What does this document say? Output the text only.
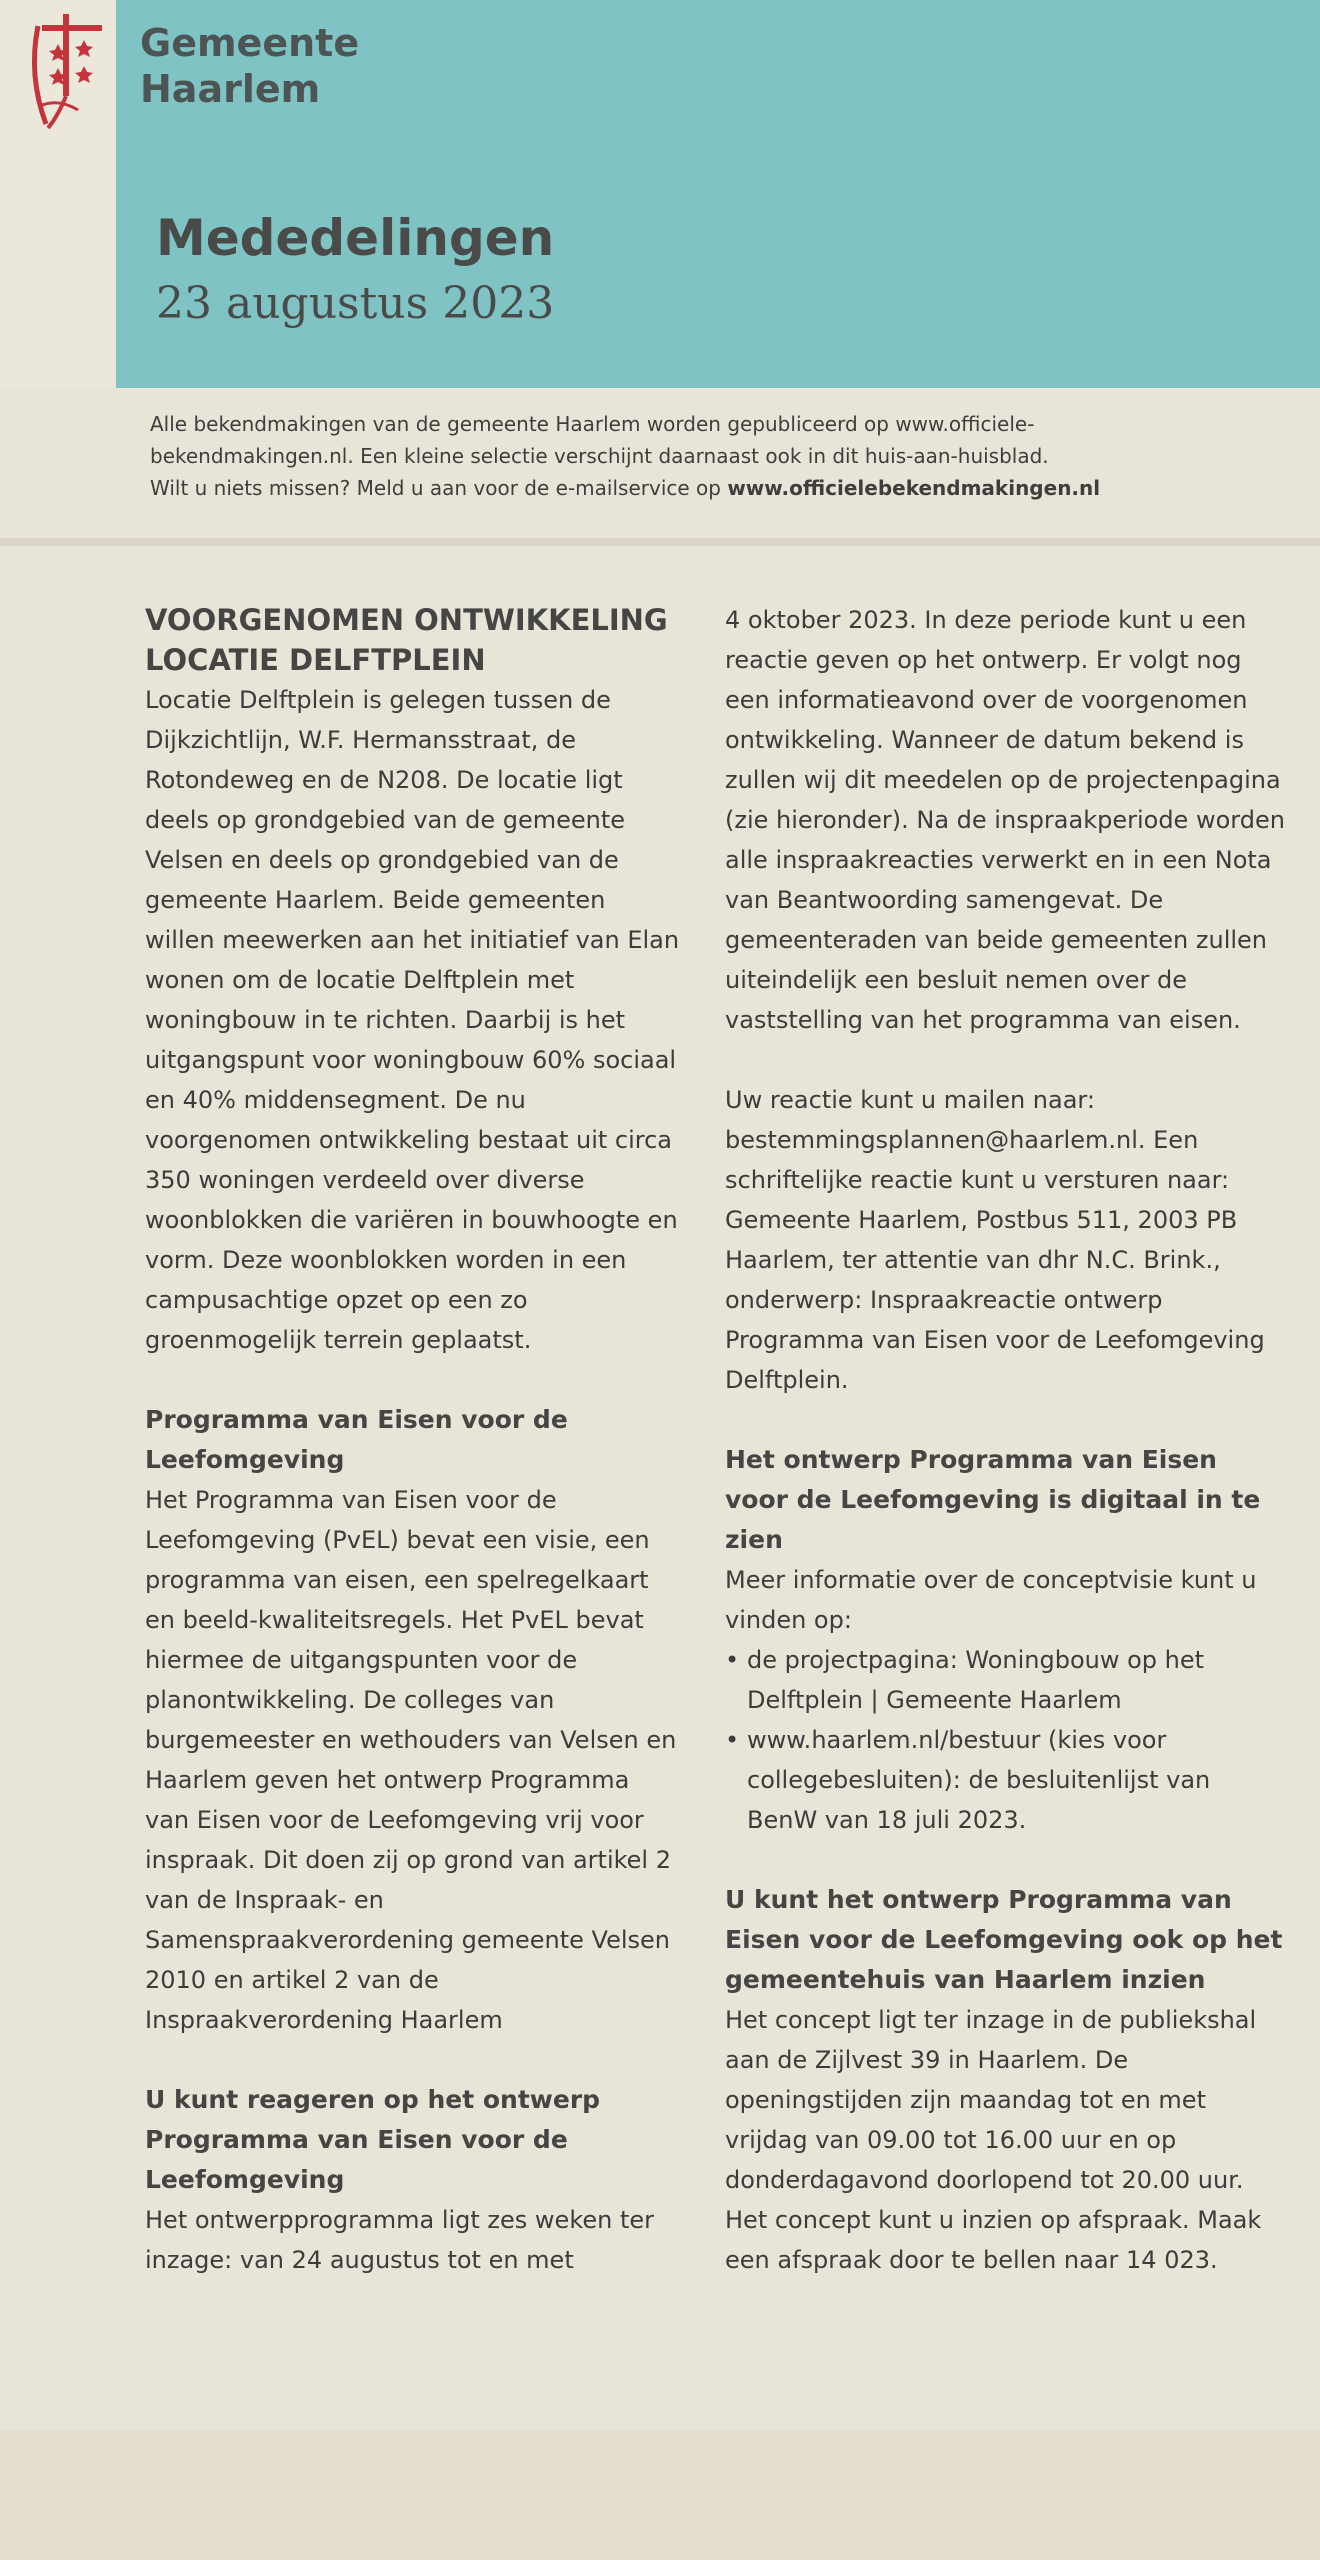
Gemeente
Haarlem
Mededelingen
23 augustus 2023
Alle bekendmakingen van de gemeente Haarlem worden gepubliceerd op www.officiele-
bekendmakingen.nl. Een kleine selectie verschijnt daarnaast ook in dit huis-aan-huisblad.
Wilt u niets missen? Meld u aan voor de e-mailservice op www.officielebekendmakingen.nl

VOORGENOMEN ONTWIKKELING LOCATIE DELFTPLEIN

Locatie Delftplein is gelegen tussen de Dijkzichtlijn, W.F. Hermansstraat, de Rotondeweg en de N208. De locatie ligt deels op grondgebied van de gemeente Velsen en deels op grondgebied van de gemeente Haarlem. Beide gemeenten willen meewerken aan het initiatief van Elan wonen om de locatie Delftplein met woningbouw in te richten. Daarbij is het uitgangspunt voor woningbouw 60% sociaal en 40% middensegment. De nu voorgenomen ontwikkeling bestaat uit circa 350 woningen verdeeld over diverse woonblokken die variëren in bouwhoogte en vorm. Deze woonblokken worden in een campusachtige opzet op een zo groenmogelijk terrein geplaatst.

Programma van Eisen voor de Leefomgeving

Het Programma van Eisen voor de Leefomgeving (PvEL) bevat een visie, een programma van eisen, een spelregelkaart en beeld-kwaliteitsregels. Het PvEL bevat hiermee de uitgangspunten voor de planontwikkeling. De colleges van burgemeester en wethouders van Velsen en Haarlem geven het ontwerp Programma van Eisen voor de Leefomgeving vrij voor inspraak. Dit doen zij op grond van artikel 2 van de Inspraak- en Samenspraakverordening gemeente Velsen 2010 en artikel 2 van de Inspraakverordening Haarlem

U kunt reageren op het ontwerp Programma van Eisen voor de Leefomgeving

Het ontwerpprogramma ligt zes weken ter inzage: van 24 augustus tot en met

4 oktober 2023. In deze periode kunt u een reactie geven op het ontwerp. Er volgt nog een informatieavond over de voorgenomen ontwikkeling. Wanneer de datum bekend is zullen wij dit meedelen op de projectenpagina (zie hieronder). Na de inspraakperiode worden alle inspraakreacties verwerkt en in een Nota van Beantwoording samengevat. De gemeenteraden van beide gemeenten zullen uiteindelijk een besluit nemen over de vaststelling van het programma van eisen.

Uw reactie kunt u mailen naar: bestemmingsplannen@haarlem.nl. Een schriftelijke reactie kunt u versturen naar: Gemeente Haarlem, Postbus 511, 2003 PB Haarlem, ter attentie van dhr N.C. Brink., onderwerp: Inspraakreactie ontwerp Programma van Eisen voor de Leefomgeving Delftplein.

Het ontwerp Programma van Eisen voor de Leefomgeving is digitaal in te zien

Meer informatie over de conceptvisie kunt u vinden op:

• de projectpagina: Woningbouw op het Delftplein | Gemeente Haarlem
• www.haarlem.nl/bestuur (kies voor collegebesluiten): de besluitenlijst van BenW van 18 juli 2023.

U kunt het ontwerp Programma van Eisen voor de Leefomgeving ook op het gemeentehuis van Haarlem inzien

Het concept ligt ter inzage in de publiekshal aan de Zijlvest 39 in Haarlem. De openingstijden zijn maandag tot en met vrijdag van 09.00 tot 16.00 uur en op donderdagavond doorlopend tot 20.00 uur. Het concept kunt u inzien op afspraak. Maak een afspraak door te bellen naar 14 023.
